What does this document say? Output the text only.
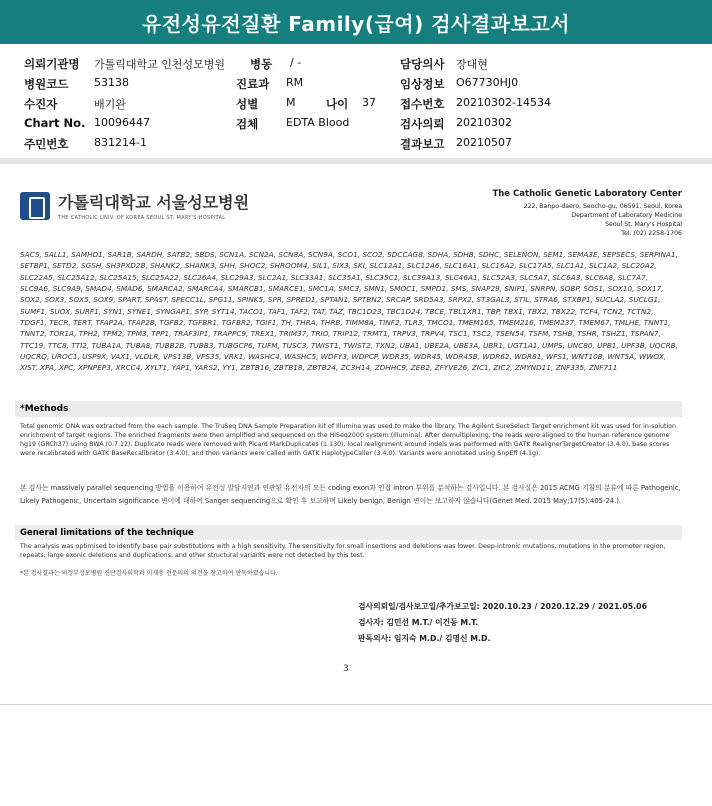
유전성유전질환 Family(급여) 검사결과보고서
의뢰기관명 가톨릭대학교 인천성모병원 병동 / -	담당의사 장대현
병원코드 53138	진료과 RM	임상정보 O67730HJ0
수진자	배기완	성별	M	나이 37 접수번호 20210302-14534
Chart No. 10096447	검체	EDTA Blood	검사의뢰 20210302
주민번호 831214-1	결과보고 20210507
가톨릭대학교 서울성모병원
THE CATHOLIC UNIV. OF KOREA SEOUL ST. MARY'S HOSPITAL
The Catholic Genetic Laboratory Center
222, Banpo-daero, Seocho-gu, 06591, Seoul, Korea
Department of Laboratory Medicine
Seoul St. Mary's Hospital
Tel: (02) 2258-1706
SACS, SALL1, SAMHD1, SAR1B, SARDH, SATB2, SBDS, SCN1A, SCN2A, SCN8A, SCN9A, SCO1, SCO2, SDCCAG8, SDHA, SDHB, SDHC, SELENON, SEM1, SEMA3E, SEPSECS, SERPINA1, SETBP1, SETD2, SGSH, SH3PXD2B, SHANK2, SHANK3, SHH, SHOC2, SHROOM4, SIL1, SIX3, SKI, SLC12A1, SLC12A6, SLC16A1, SLC16A2, SLC17A5, SLC1A1, SLC1A2, SLC20A2, SLC22A5, SLC25A12, SLC25A15, SLC25A22, SLC26A4, SLC29A3, SLC2A1, SLC33A1, SLC35A1, SLC35C1, SLC39A13, SLC46A1, SLC52A3, SLC5A7, SLC6A3, SLC6A8, SLC7A7, SLC9A6, SLC9A9, SMAD4, SMAD6, SMARCA2, SMARCA4, SMARCB1, SMARCE1, SMC1A, SMC3, SMN1, SMOC1, SMPD1, SMS, SNAP29, SNIP1, SNRPN, SOBP, SOS1, SOX10, SOX17, SOX2, SOX3, SOX5, SOX9, SPART, SPAST, SPECC1L, SPG11, SPINK5, SPR, SPRED1, SPTAN1, SPTBN2, SRCAP, SRD5A3, SRPX2, ST3GAL3, STIL, STRA6, STXBP1, SUCLA2, SUCLG1, SUMF1, SUOX, SURF1, SYN1, SYNE1, SYNGAP1, SYP, SYT14, TACO1, TAF1, TAF2, TAT, TAZ, TBC1D23, TBC1D24, TBCE, TBL1XR1, TBP, TBX1, TBX2, TBX22, TCF4, TCN2, TCTN2, TDGF1, TECR, TERT, TFAP2A, TFAP2B, TGFB2, TGFBR1, TGFBR2, TGIF1, TH, THRA, THRB, TIMM8A, TINF2, TLR3, TMCO1, TMEM165, TMEM216, TMEM237, TMEM67, TMLHE, TNNT1, TNNT2, TOR1A, TPH2, TPM2, TPM3, TPP1, TRAF3IP1, TRAPPC9, TREX1, TRIM37, TRIO, TRIP12, TRMT1, TRPV3, TRPV4, TSC1, TSC2, TSEN54, TSFM, TSHB, TSHR, TSHZ1, TSPAN7, TTC19, TTC8, TTI2, TUBA1A, TUBA8, TUBB2B, TUBB3, TUBGCP6, TUFM, TUSC3, TWIST1, TWIST2, TXN2, UBA1, UBE2A, UBE3A, UBR1, UGT1A1, UMPS, UNC80, UPB1, UPF3B, UQCRB, UQCRQ, UROC1, USP9X, VAX1, VLDLR, VPS13B, VPS35, VRK1, WASHC4, WASHC5, WDFY3, WDPCP, WDR35, WDR45, WDR45B, WDR62, WDR81, WFS1, WNT10B, WNT5A, WWOX, XIST, XPA, XPC, XPNPEP3, XRCC4, XYLT1, YAP1, YARS2, YY1, ZBTB16, ZBTB18, ZBTB24, ZC3H14, ZDHHC9, ZEB2, ZFYVE26, ZIC1, ZIC2, ZMYND11, ZNF335, ZNF711
*Methods
Total genomic DNA was extracted from the each sample. The TruSeq DNA Sample Preparation kit of Illumina was used to make the library. The Agilent SureSelect Target enrichment kit was used for in-solution enrichment of target regions. The enriched fragments were then amplified and sequenced on the HiSeq2000 system (Illumina). After demultiplexing, the reads were aligned to the human reference genome hg19 (GRCh37) using BWA (0.7.12). Duplicate reads were removed with Picard MarkDuplicates (1.130), local realignment around indels was performed with GATK RealignerTargetCreator (3.4.0), base scores were recalibrated with GATK BaseRecalibrator (3.4.0), and then variants were called with GATK HaplotypeCaller (3.4.0). Variants were annotated using SnpEff (4.1g).
본 검사는 massively parallel sequencing 방법을 이용하여 유전성 발달지연과 연관된 유전자의 모든 coding exon과 인접 intron 부위를 분석하는 검사입니다. 본 검사실은 2015 ACMG 지침의 분류에 따른 Pathogenic, Likely Pathogenic, Uncertain significance 변이에 대하여 Sanger sequencing으로 확인 후 보고하며 Likely benign, Benign 변이는 보고하지 않습니다(Genet Med. 2015 May;17(5):405-24.).
General limitations of the technique
The analysis was optimised to identify base pair substitutions with a high sensitivity. The sensitivity for small insertions and deletions was lower. Deep-intronic mutations, mutations in the promoter region, repeats, large exonic deletions and duplications, and other structural variants were not detected by this test.
*본 검사결과는 의정부성모병원 진단검사의학과 이제충 전문의의 의견을 참고하여 판독하였습니다.
검사의뢰일/검사보고일/추가보고일: 2020.10.23 / 2020.12.29 / 2021.05.06
검사자: 김민선 M.T./ 이건동 M.T.
판독의사: 임지숙 M.D./ 김명신 M.D.
3
